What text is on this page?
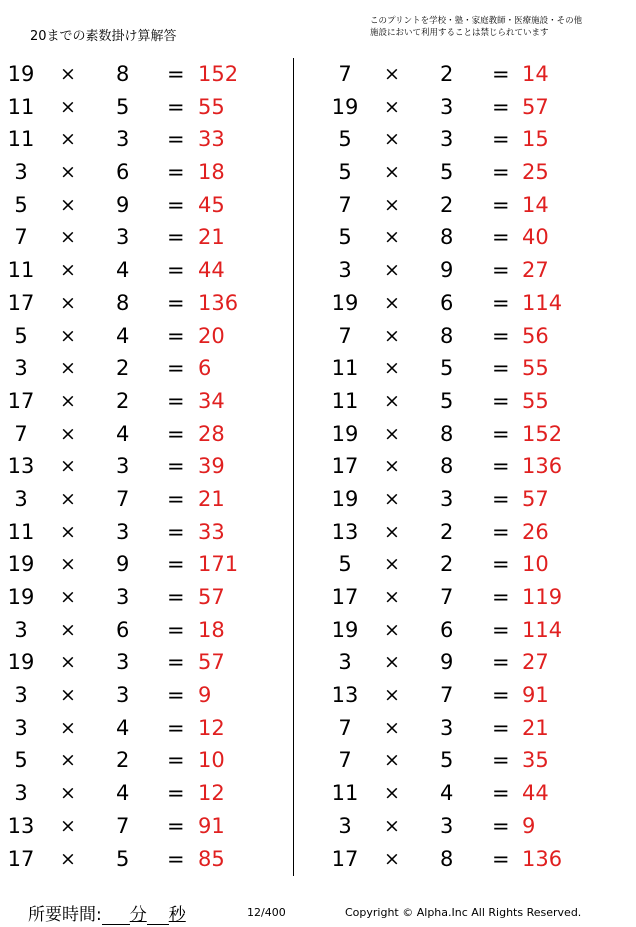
20までの素数掛け算解答
このプリントを学校・塾・家庭教師・医療施設・その他
施設において利用することは禁じられています
19 × 8 = 152
11 × 5 = 55
11 × 3 = 33
3	× 6 = 18
5	× 9 = 45
7	× 3 = 21
11 × 4 = 44
17 × 8 = 136
5	× 4 = 20
3	× 2 = 6
17 × 2 = 34
7	× 4 = 28
13 × 3 = 39
3	× 7 = 21
11 × 3 = 33
19 × 9 = 171
19 × 3 = 57
3	× 6 = 18
19 × 3 = 57
3	× 3 = 9
3	× 4 = 12
5	× 2 = 10
3	× 4 = 12
13 × 7 = 91
17 × 5 = 85
7	× 2 = 14
19 × 3 = 57
5	× 3 = 15
5	× 5 = 25
7	× 2 = 14
5	× 8 = 40
3	× 9 = 27
19 × 6 = 114
7	× 8 = 56
11 × 5 = 55
11 × 5 = 55
19 × 8 = 152
17 × 8 = 136
19 × 3 = 57
13 × 2 = 26
5	× 2 = 10
17 × 7 = 119
19 × 6 = 114
3	× 9 = 27
13 × 7 = 91
7	× 3 = 21
7	× 5 = 35
11 × 4 = 44
3	× 3 = 9
17 × 8 = 136
所要時間: 分 秒	12/400	Copyright © Alpha.Inc All Rights Reserved.
